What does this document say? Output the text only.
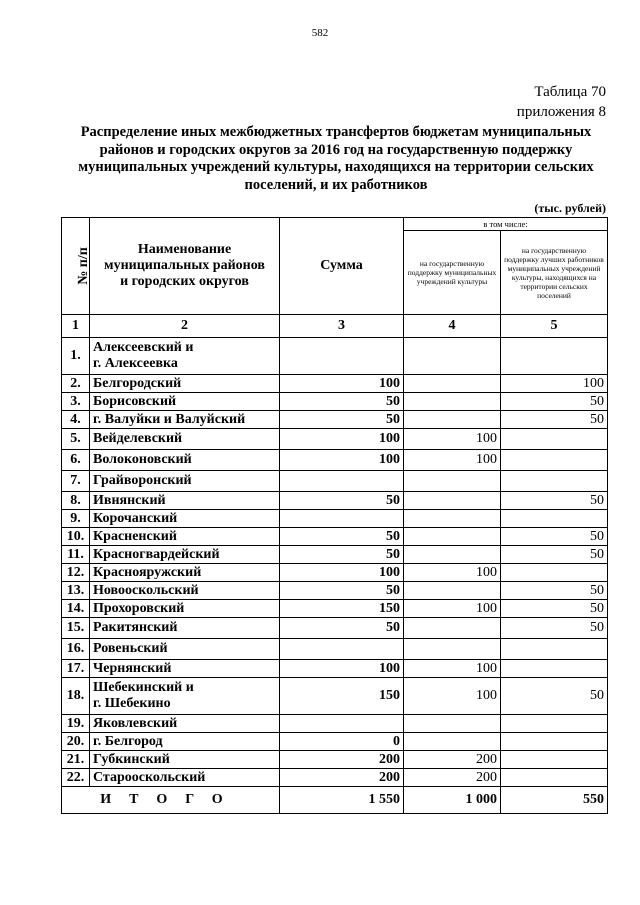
582
Таблица 70
приложения 8
Распределение иных межбюджетных трансфертов бюджетам муниципальных районов и городских округов за 2016 год на государственную поддержку муниципальных учреждений культуры, находящихся на территории сельских поселений, и их работников
(тыс. рублей)
№ п/п	Наименование
муниципальных районов
и городских округов	Сумма	в том числе:	
			на государственную поддержку муниципальных учреждений культуры	на государственную поддержку лучших работников муниципальных учреждений культуры, находящихся на территории сельских поселений
1	2	3	4	5
1.	Алексеевский и
г. Алексеевка			

2.	Белгородский	100		100
3.	Борисовский	50		50
4.	г. Валуйки и Валуйский	50		50
5.	Вейделевский	100	100	
6.	Волоконовский	100	100	
7.	Грайворонский			

8.	Ивнянский	50		50
9.	Корочанский			

10.	Красненский	50		50
11.	Красногвардейский	50		50
12.	Краснояружский	100	100	
13.	Новооскольский	50		50
14.	Прохоровский	150	100	50
15.	Ракитянский	50		50
16.	Ровеньский			

17.	Чернянский	100	100	
18.	Шебекинский и
г. Шебекино	150	100	50
19.	Яковлевский			

20.	г. Белгород	0		
21.	Губкинский	200	200	
22.	Старооскольский	200	200	
ИТОГО		1 550	1 000	550
